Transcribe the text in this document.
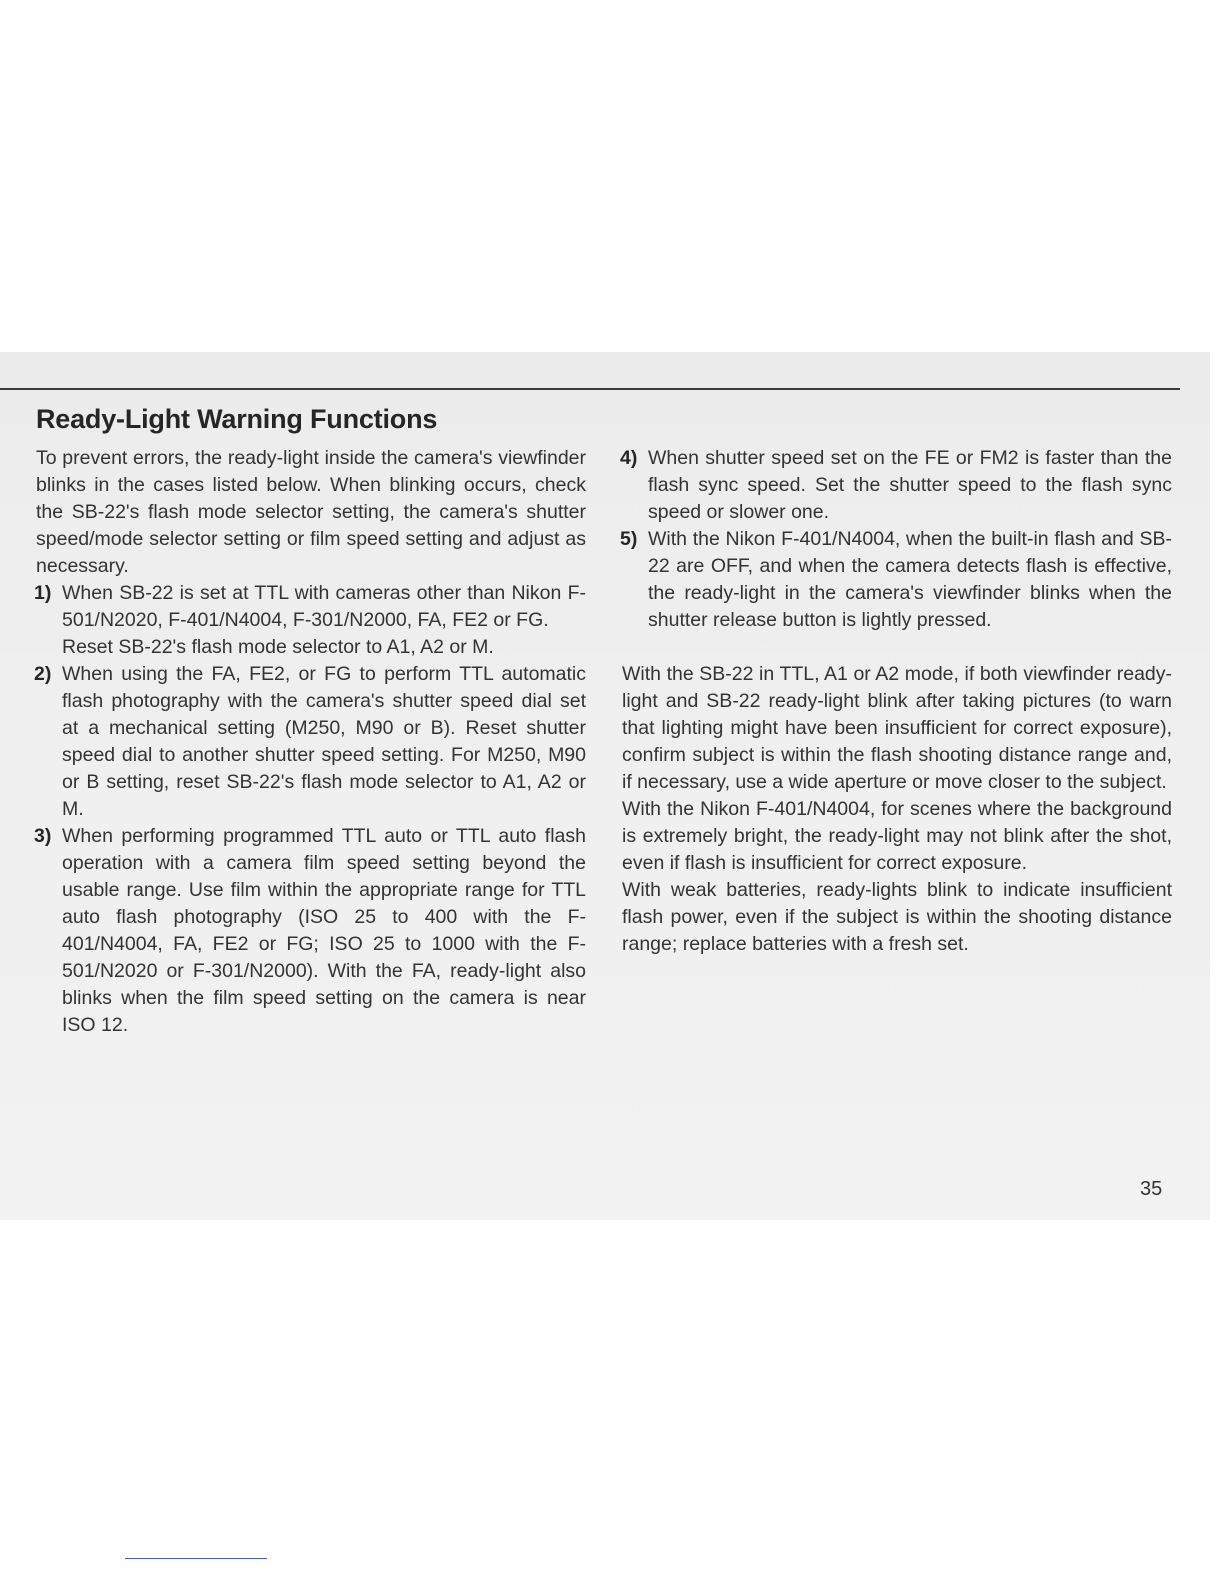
Ready-Light Warning Functions

To prevent errors, the ready-light inside the camera's viewfinder blinks in the cases listed below. When blinking occurs, check the SB-22's flash mode selector setting, the camera's shutter speed/mode selector setting or film speed setting and adjust as necessary.

1) When SB-22 is set at TTL with cameras other than Nikon F-501/N2020, F-401/N4004, F-301/N2000, FA, FE2 or FG.
Reset SB-22's flash mode selector to A1, A2 or M.
2) When using the FA, FE2, or FG to perform TTL automatic flash photography with the camera's shutter speed dial set at a mechanical setting (M250, M90 or B). Reset shutter speed dial to another shutter speed setting. For M250, M90 or B setting, reset SB-22's flash mode selector to A1, A2 or M.
3) When performing programmed TTL auto or TTL auto flash operation with a camera film speed setting beyond the usable range. Use film within the appropriate range for TTL auto flash photography (ISO 25 to 400 with the F-401/N4004, FA, FE2 or FG; ISO 25 to 1000 with the F-501/N2020 or F-301/N2000). With the FA, ready-light also blinks when the film speed setting on the camera is near ISO 12.
4) When shutter speed set on the FE or FM2 is faster than the flash sync speed. Set the shutter speed to the flash sync speed or slower one.
5) With the Nikon F-401/N4004, when the built-in flash and SB-22 are OFF, and when the camera detects flash is effective, the ready-light in the camera's viewfinder blinks when the shutter release button is lightly pressed.

With the SB-22 in TTL, A1 or A2 mode, if both viewfinder ready-light and SB-22 ready-light blink after taking pictures (to warn that lighting might have been insufficient for correct exposure), confirm subject is within the flash shooting distance range and, if necessary, use a wide aperture or move closer to the subject.

With the Nikon F-401/N4004, for scenes where the background is extremely bright, the ready-light may not blink after the shot, even if flash is insufficient for correct exposure.

With weak batteries, ready-lights blink to indicate insufficient flash power, even if the subject is within the shooting distance range; replace batteries with a fresh set.

35
